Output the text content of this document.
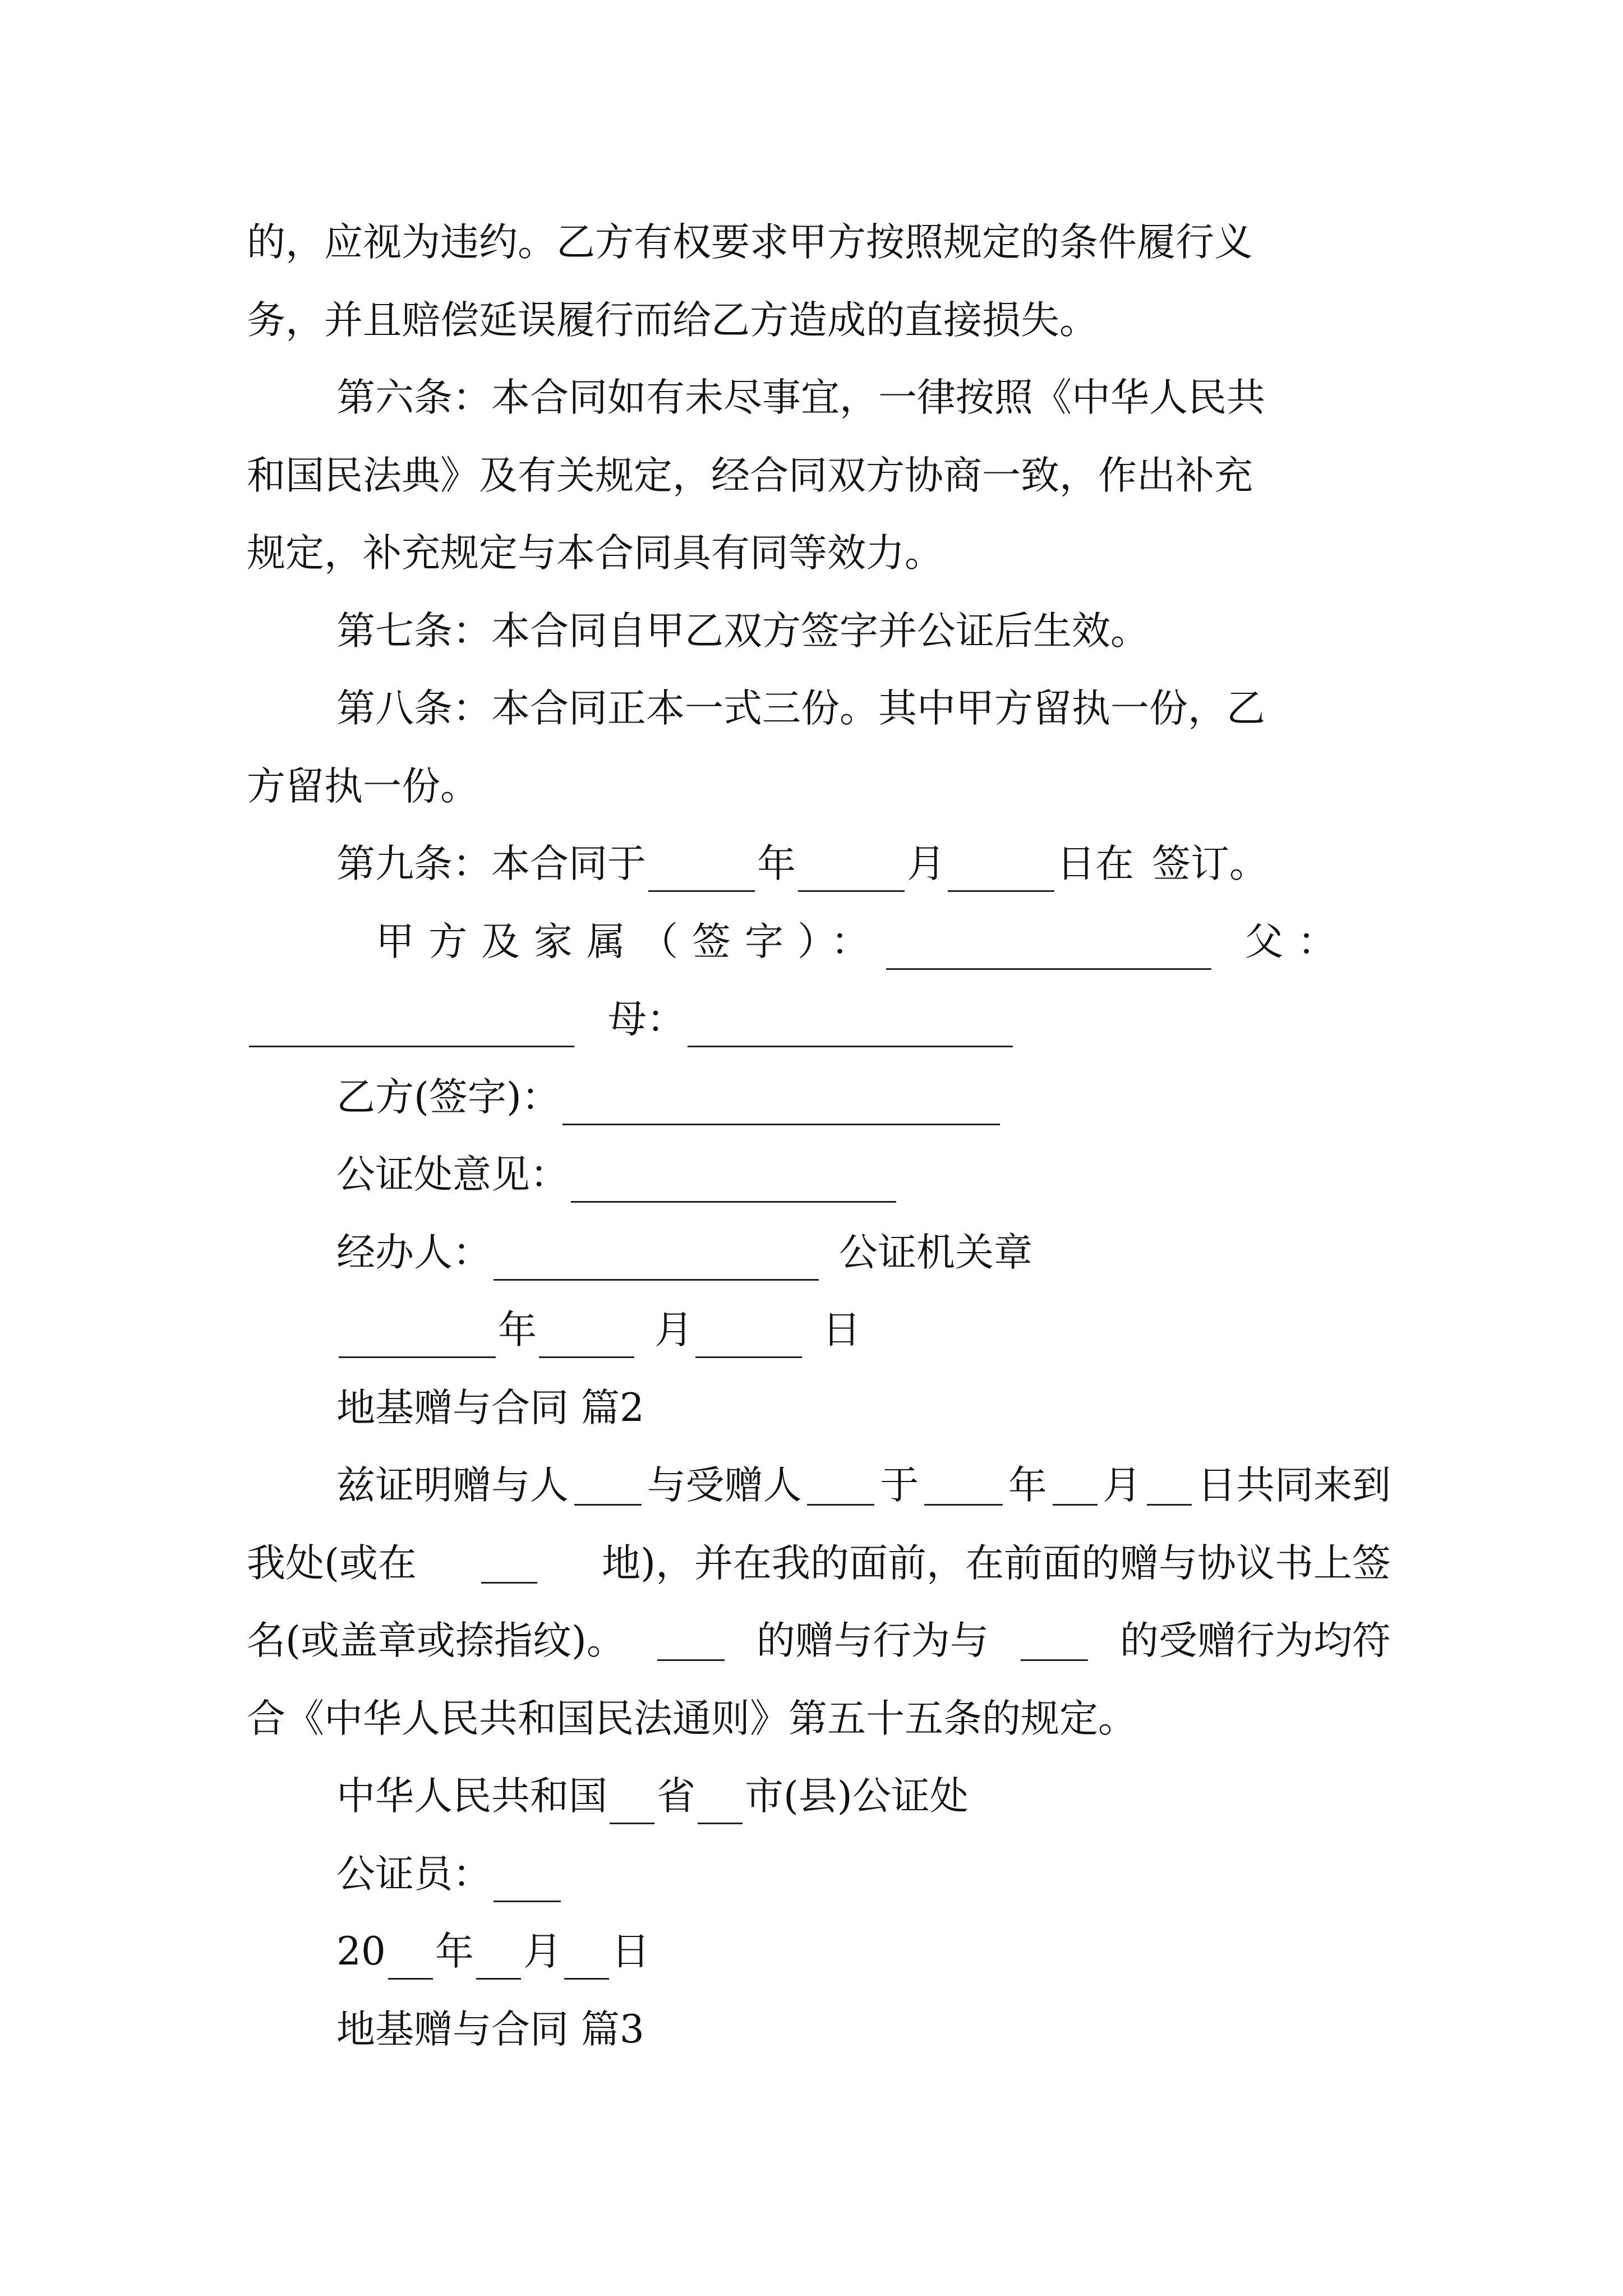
的，应视为违约。乙方有权要求甲方按照规定的条件履行义
务，并且赔偿延误履行而给乙方造成的直接损失。
第六条：本合同如有未尽事宜，一律按照《中华人民共
和国民法典》及有关规定，经合同双方协商一致，作出补充
规定，补充规定与本合同具有同等效力。
第七条：本合同自甲乙双方签字并公证后生效。
第八条：本合同正本一式三份。其中甲方留执一份，乙
方留执一份。
第九条：本合同于	年	月	日在 签订。
甲方及家属（签字）：	父：
母：
乙方(签字)：
公证处意见：
经办人：	公证机关章
年	月	日
地基赠与合同 篇2
兹证明赠与人 与受赠人 于 年 月 日共同来到
我处(或在	地)，并在我的面前，在前面的赠与协议书上签
名(或盖章或捺指纹)。	的赠与行为与	的受赠行为均符
合《中华人民共和国民法通则》第五十五条的规定。
中华人民共和国 省 市(县)公证处
公证员：
20 年 月 日
地基赠与合同 篇3
